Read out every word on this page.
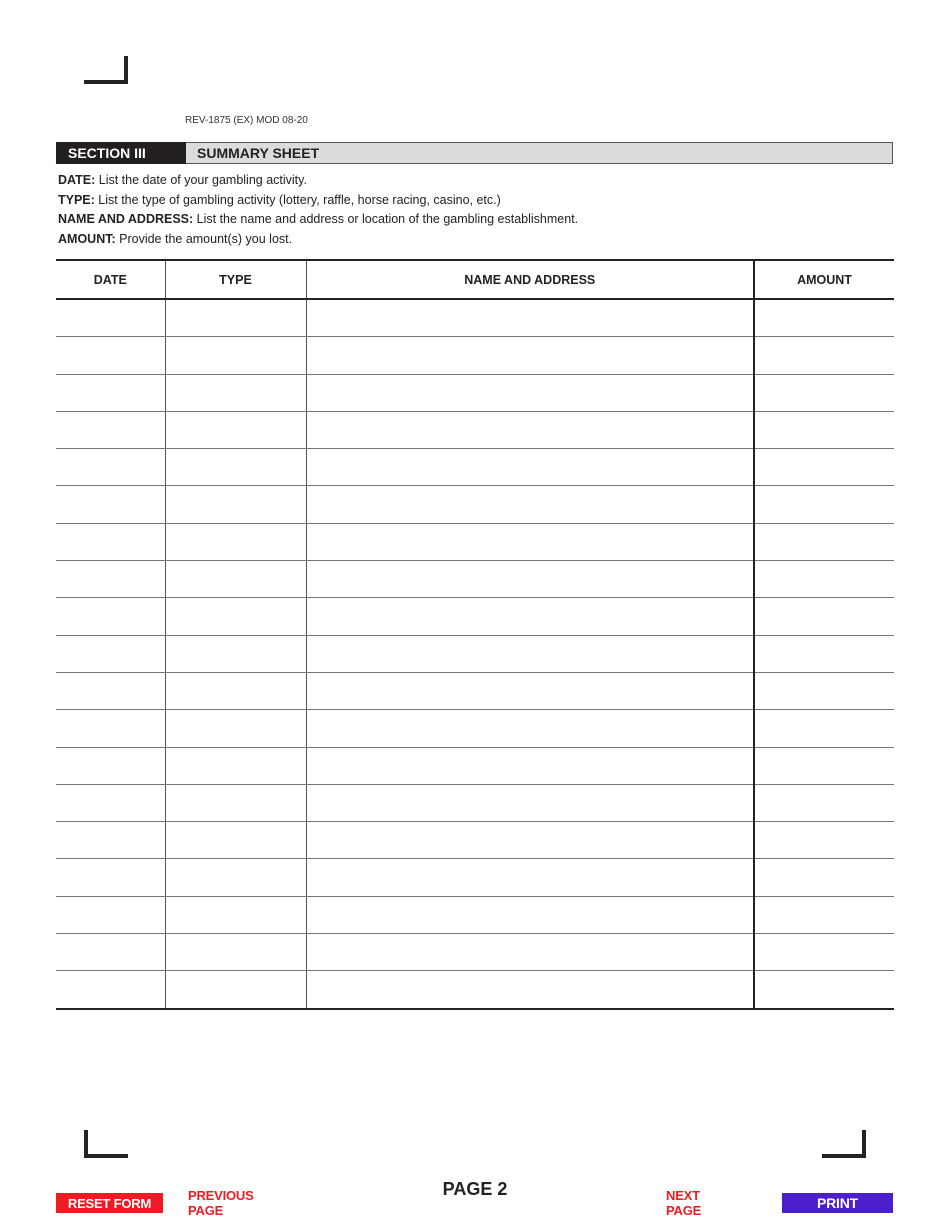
REV-1875 (EX) MOD 08-20
SECTION III	SUMMARY SHEET
DATE: List the date of your gambling activity.
TYPE: List the type of gambling activity (lottery, raffle, horse racing, casino, etc.)
NAME AND ADDRESS: List the name and address or location of the gambling establishment.
AMOUNT: Provide the amount(s) you lost.
DATE	TYPE	NAME AND ADDRESS	AMOUNT

PAGE 2
RESET FORM	PREVIOUS PAGE
NEXT PAGE	PRINT
